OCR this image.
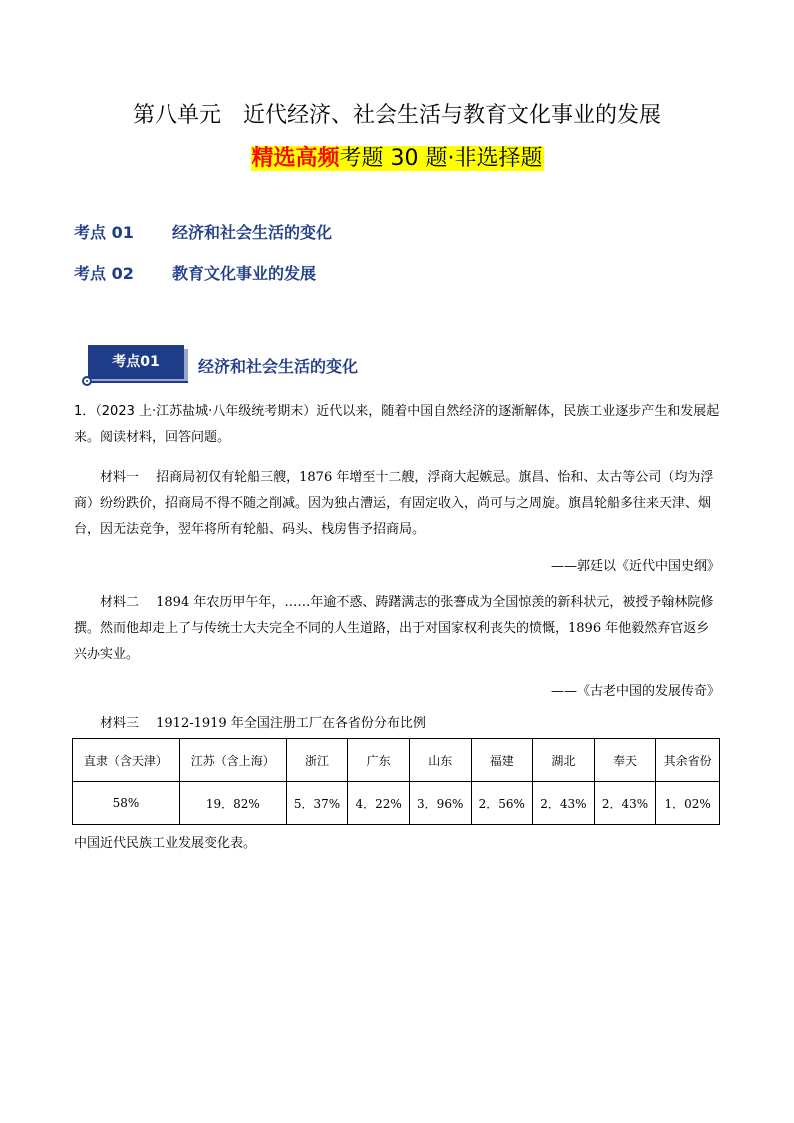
第八单元　近代经济、社会生活与教育文化事业的发展
精选高频考题 30 题·非选择题
考点 01 经济和社会生活的变化
考点 02 教育文化事业的发展
考点01	经济和社会生活的变化
1．（2023 上·江苏盐城·八年级统考期末）近代以来，随着中国自然经济的逐渐解体，民族工业逐步产生和发展起来。阅读材料，回答问题。
材料一　 招商局初仅有轮船三艘，1876 年增至十二艘，浮商大起嫉忌。旗昌、怡和、太古等公司（均为浮商）纷纷跌价，招商局不得不随之削减。因为独占漕运，有固定收入，尚可与之周旋。旗昌轮船多往来天津、烟台，因无法竞争，翌年将所有轮船、码头、栈房售予招商局。
——郭廷以《近代中国史纲》
材料二　 1894 年农历甲午年，……年逾不惑、踌躇满志的张謇成为全国惊羡的新科状元，被授予翰林院修撰。然而他却走上了与传统士大夫完全不同的人生道路，出于对国家权利丧失的愤慨，1896 年他毅然弃官返乡兴办实业。
——《古老中国的发展传奇》
材料三　 1912-1919 年全国注册工厂在各省份分布比例
直隶（含天津）	江苏（含上海）	浙江	广东	山东	福建	湖北	奉天	其余省份
58%	19．82%	5．37%	4．22%	3．96%	2．56%	2．43%	2．43%	1．02%
中国近代民族工业发展变化表。
